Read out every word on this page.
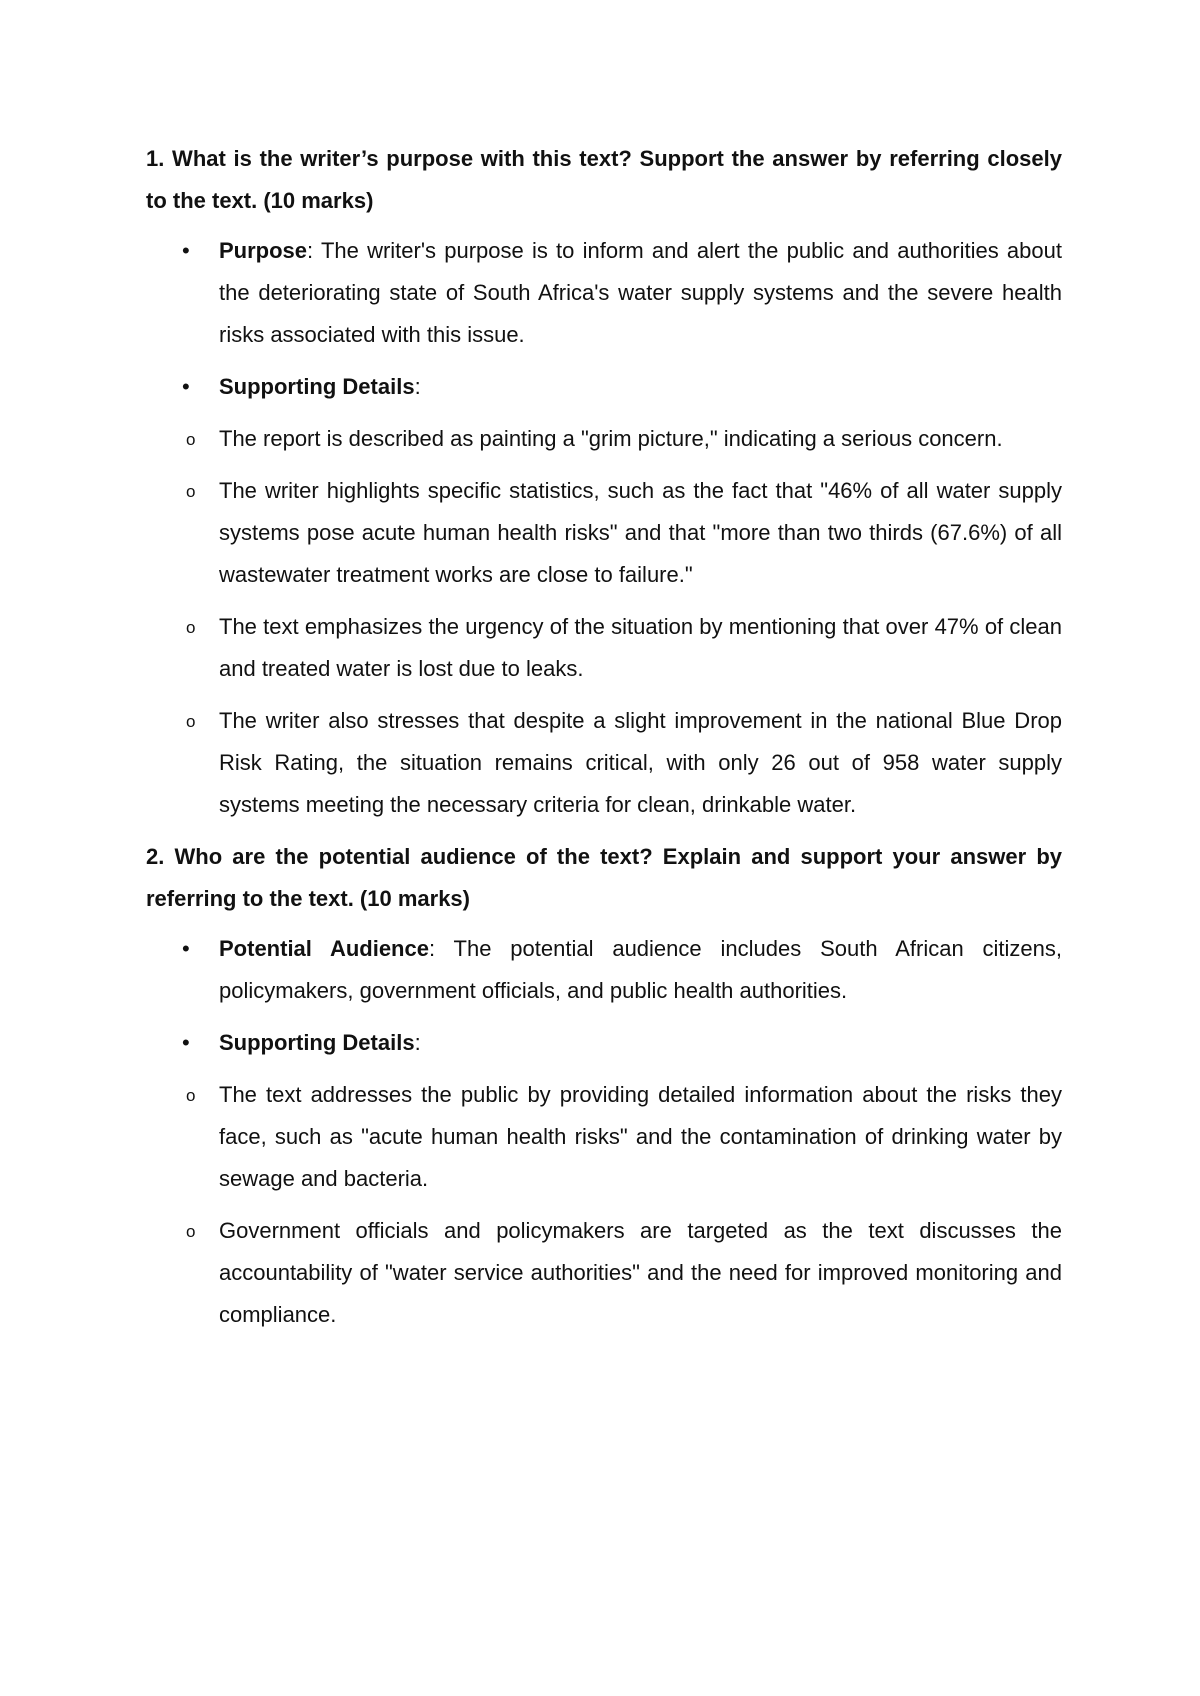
1. What is the writer’s purpose with this text? Support the answer by referring closely to the text. (10 marks)

• Purpose: The writer's purpose is to inform and alert the public and authorities about the deteriorating state of South Africa's water supply systems and the severe health risks associated with this issue.

• Supporting Details:

o The report is described as painting a "grim picture," indicating a serious concern.

o The writer highlights specific statistics, such as the fact that "46% of all water supply systems pose acute human health risks" and that "more than two thirds (67.6%) of all wastewater treatment works are close to failure."

o The text emphasizes the urgency of the situation by mentioning that over 47% of clean and treated water is lost due to leaks.

o The writer also stresses that despite a slight improvement in the national Blue Drop Risk Rating, the situation remains critical, with only 26 out of 958 water supply systems meeting the necessary criteria for clean, drinkable water.

2. Who are the potential audience of the text? Explain and support your answer by referring to the text. (10 marks)

• Potential Audience: The potential audience includes South African citizens, policymakers, government officials, and public health authorities.

• Supporting Details:

o The text addresses the public by providing detailed information about the risks they face, such as "acute human health risks" and the contamination of drinking water by sewage and bacteria.

o Government officials and policymakers are targeted as the text discusses the accountability of "water service authorities" and the need for improved monitoring and compliance.
